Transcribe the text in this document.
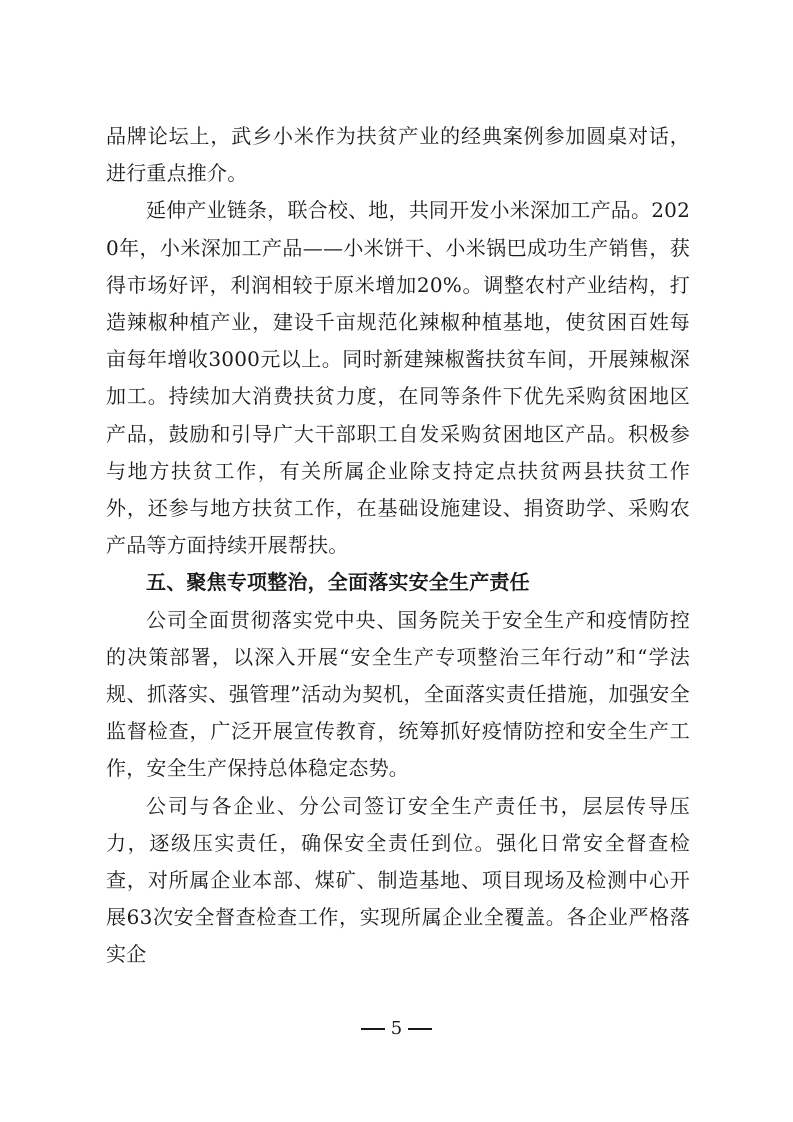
品牌论坛上，武乡小米作为扶贫产业的经典案例参加圆桌对话，进行重点推介。

延伸产业链条，联合校、地，共同开发小米深加工产品。2020年，小米深加工产品——小米饼干、小米锅巴成功生产销售，获得市场好评，利润相较于原米增加20%。调整农村产业结构，打造辣椒种植产业，建设千亩规范化辣椒种植基地，使贫困百姓每亩每年增收3000元以上。同时新建辣椒酱扶贫车间，开展辣椒深加工。持续加大消费扶贫力度，在同等条件下优先采购贫困地区产品，鼓励和引导广大干部职工自发采购贫困地区产品。积极参与地方扶贫工作，有关所属企业除支持定点扶贫两县扶贫工作外，还参与地方扶贫工作，在基础设施建设、捐资助学、采购农产品等方面持续开展帮扶。

五、聚焦专项整治，全面落实安全生产责任

公司全面贯彻落实党中央、国务院关于安全生产和疫情防控的决策部署，以深入开展“安全生产专项整治三年行动”和“学法规、抓落实、强管理”活动为契机，全面落实责任措施，加强安全监督检查，广泛开展宣传教育，统筹抓好疫情防控和安全生产工作，安全生产保持总体稳定态势。

公司与各企业、分公司签订安全生产责任书，层层传导压力，逐级压实责任，确保安全责任到位。强化日常安全督查检查，对所属企业本部、煤矿、制造基地、项目现场及检测中心开展63次安全督查检查工作，实现所属企业全覆盖。各企业严格落实企

5
